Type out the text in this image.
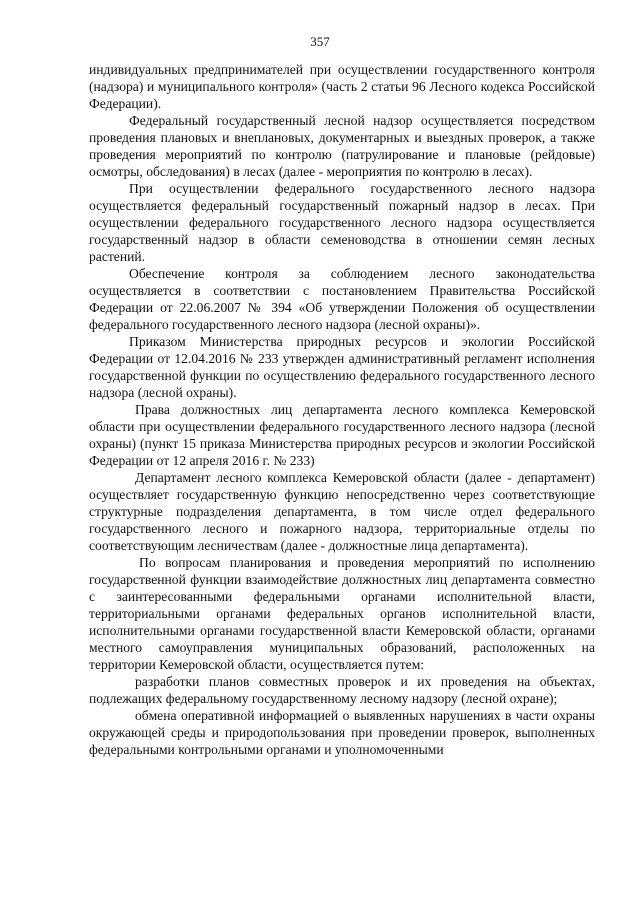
357

индивидуальных предпринимателей при осуществлении государственного контроля (надзора) и муниципального контроля» (часть 2 статьи 96 Лесного кодекса Российской Федерации).

Федеральный государственный лесной надзор осуществляется посредством проведения плановых и внеплановых, документарных и выездных проверок, а также проведения мероприятий по контролю (патрулирование и плановые (рейдовые) осмотры, обследования) в лесах (далее - мероприятия по контролю в лесах).

При осуществлении федерального государственного лесного надзора осуществляется федеральный государственный пожарный надзор в лесах. При осуществлении федерального государственного лесного надзора осуществляется государственный надзор в области семеноводства в отношении семян лесных растений.

Обеспечение контроля за соблюдением лесного законодательства осуществляется в соответствии с постановлением Правительства Российской Федерации от 22.06.2007 № 394 «Об утверждении Положения об осуществлении федерального государственного лесного надзора (лесной охраны)».

Приказом Министерства природных ресурсов и экологии Российской Федерации от 12.04.2016 № 233 утвержден административный регламент исполнения государственной функции по осуществлению федерального государственного лесного надзора (лесной охраны).

Права должностных лиц департамента лесного комплекса Кемеровской области при осуществлении федерального государственного лесного надзора (лесной охраны) (пункт 15 приказа Министерства природных ресурсов и экологии Российской Федерации от 12 апреля 2016 г. № 233)

Департамент лесного комплекса Кемеровской области (далее - департамент) осуществляет государственную функцию непосредственно через соответствующие структурные подразделения департамента, в том числе отдел федерального государственного лесного и пожарного надзора, территориальные отделы по соответствующим лесничествам (далее - должностные лица департамента).

По вопросам планирования и проведения мероприятий по исполнению государственной функции взаимодействие должностных лиц департамента совместно с заинтересованными федеральными органами исполнительной власти, территориальными органами федеральных органов исполнительной власти, исполнительными органами государственной власти Кемеровской области, органами местного самоуправления муниципальных образований, расположенных на территории Кемеровской области, осуществляется путем:

разработки планов совместных проверок и их проведения на объектах, подлежащих федеральному государственному лесному надзору (лесной охране);

обмена оперативной информацией о выявленных нарушениях в части охраны окружающей среды и природопользования при проведении проверок, выполненных федеральными контрольными органами и уполномоченными
